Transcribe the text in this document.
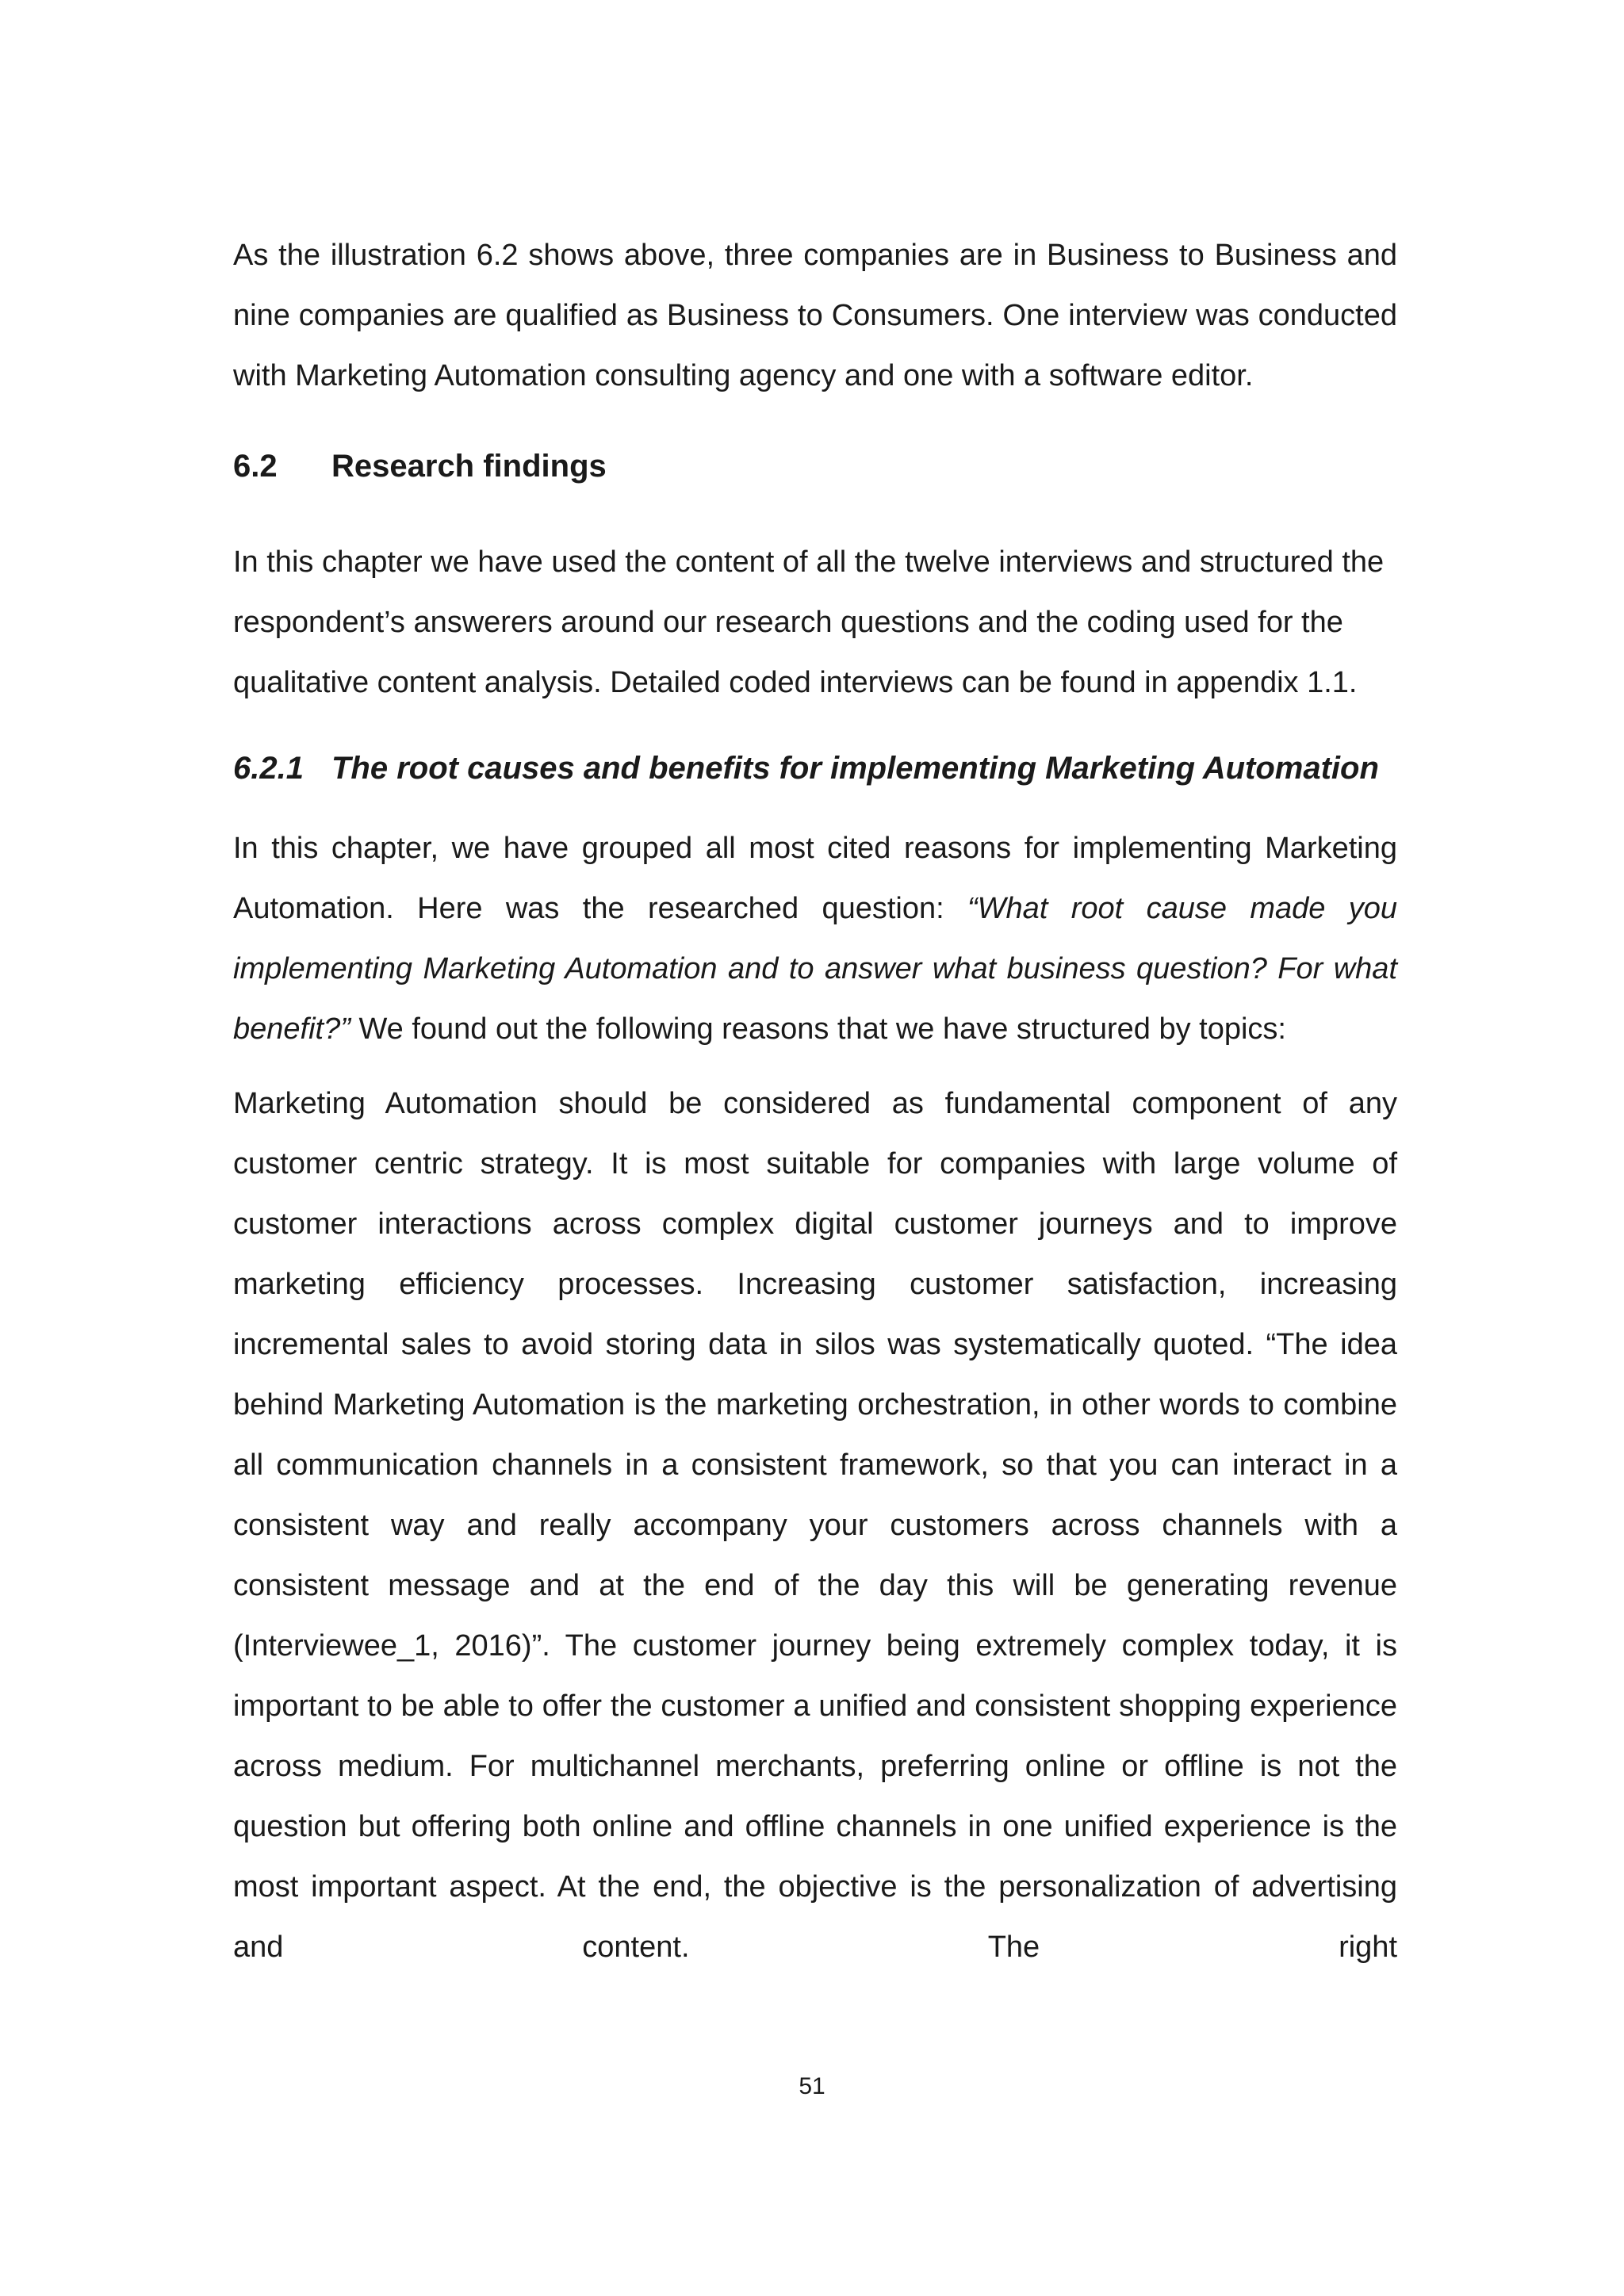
As the illustration 6.2 shows above, three companies are in Business to Business and nine companies are qualified as Business to Consumers. One interview was conducted with Marketing Automation consulting agency and one with a software editor.

6.2	Research findings

In this chapter we have used the content of all the twelve interviews and structured the respondent’s answerers around our research questions and the coding used for the qualitative content analysis. Detailed coded interviews can be found in appendix 1.1.

6.2.1 The root causes and benefits for implementing Marketing Automation

In this chapter, we have grouped all most cited reasons for implementing Marketing Automation. Here was the researched question: “What root cause made you implementing Marketing Automation and to answer what business question? For what benefit?” We found out the following reasons that we have structured by topics:

Marketing Automation should be considered as fundamental component of any customer centric strategy. It is most suitable for companies with large volume of customer interactions across complex digital customer journeys and to improve marketing efficiency processes. Increasing customer satisfaction, increasing incremental sales to avoid storing data in silos was systematically quoted. “The idea behind Marketing Automation is the marketing orchestration, in other words to combine all communication channels in a consistent framework, so that you can interact in a consistent way and really accompany your customers across channels with a consistent message and at the end of the day this will be generating revenue (Interviewee_1, 2016)”. The customer journey being extremely complex today, it is important to be able to offer the customer a unified and consistent shopping experience across medium. For multichannel merchants, preferring online or offline is not the question but offering both online and offline channels in one unified experience is the most important aspect. At the end, the objective is the personalization of advertising and content. The right

51
